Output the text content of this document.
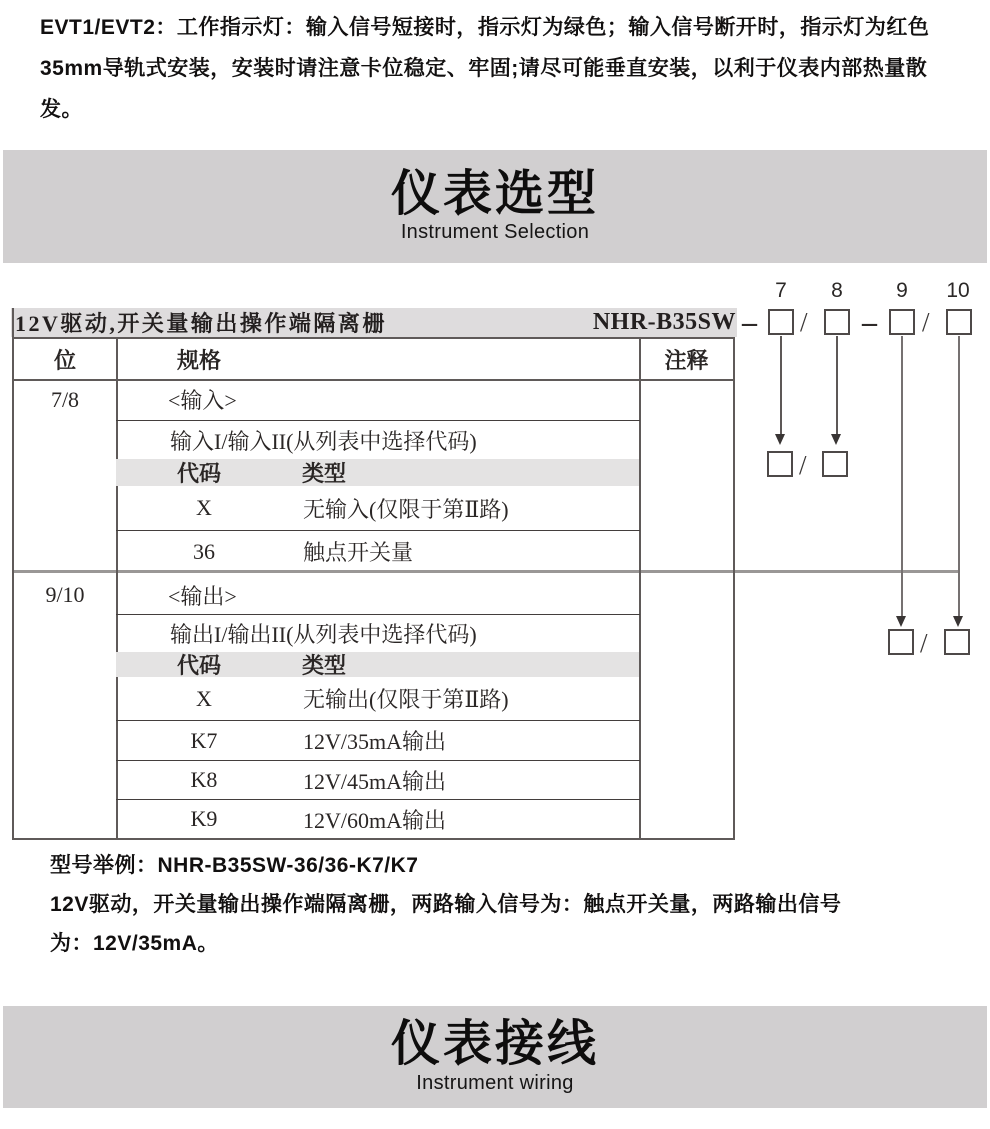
EVT1/EVT2：工作指示灯：输入信号短接时，指示灯为绿色；输入信号断开时，指示灯为红色
35mm导轨式安装，安装时请注意卡位稳定、牢固;请尽可能垂直安装，以利于仪表内部热量散发。
仪表选型
Instrument Selection
12V驱动,开关量输出操作端隔离栅	NHR-B35SW
位	规格	注释
7/8	<输入>
输入I/输入II(从列表中选择代码)
代码	类型
X	无输入(仅限于第Ⅱ路)
36	触点开关量
9/10	<输出>
输出I/输出II(从列表中选择代码)
代码	类型
X	无输出(仅限于第Ⅱ路)
K7	12V/35mA输出
K8	12V/45mA输出
K9	12V/60mA输出
7	8	9	10
– / – /
/
/
型号举例：NHR-B35SW-36/36-K7/K7
12V驱动，开关量输出操作端隔离栅，两路输入信号为：触点开关量，两路输出信号
为：12V/35mA。
仪表接线
Instrument wiring
